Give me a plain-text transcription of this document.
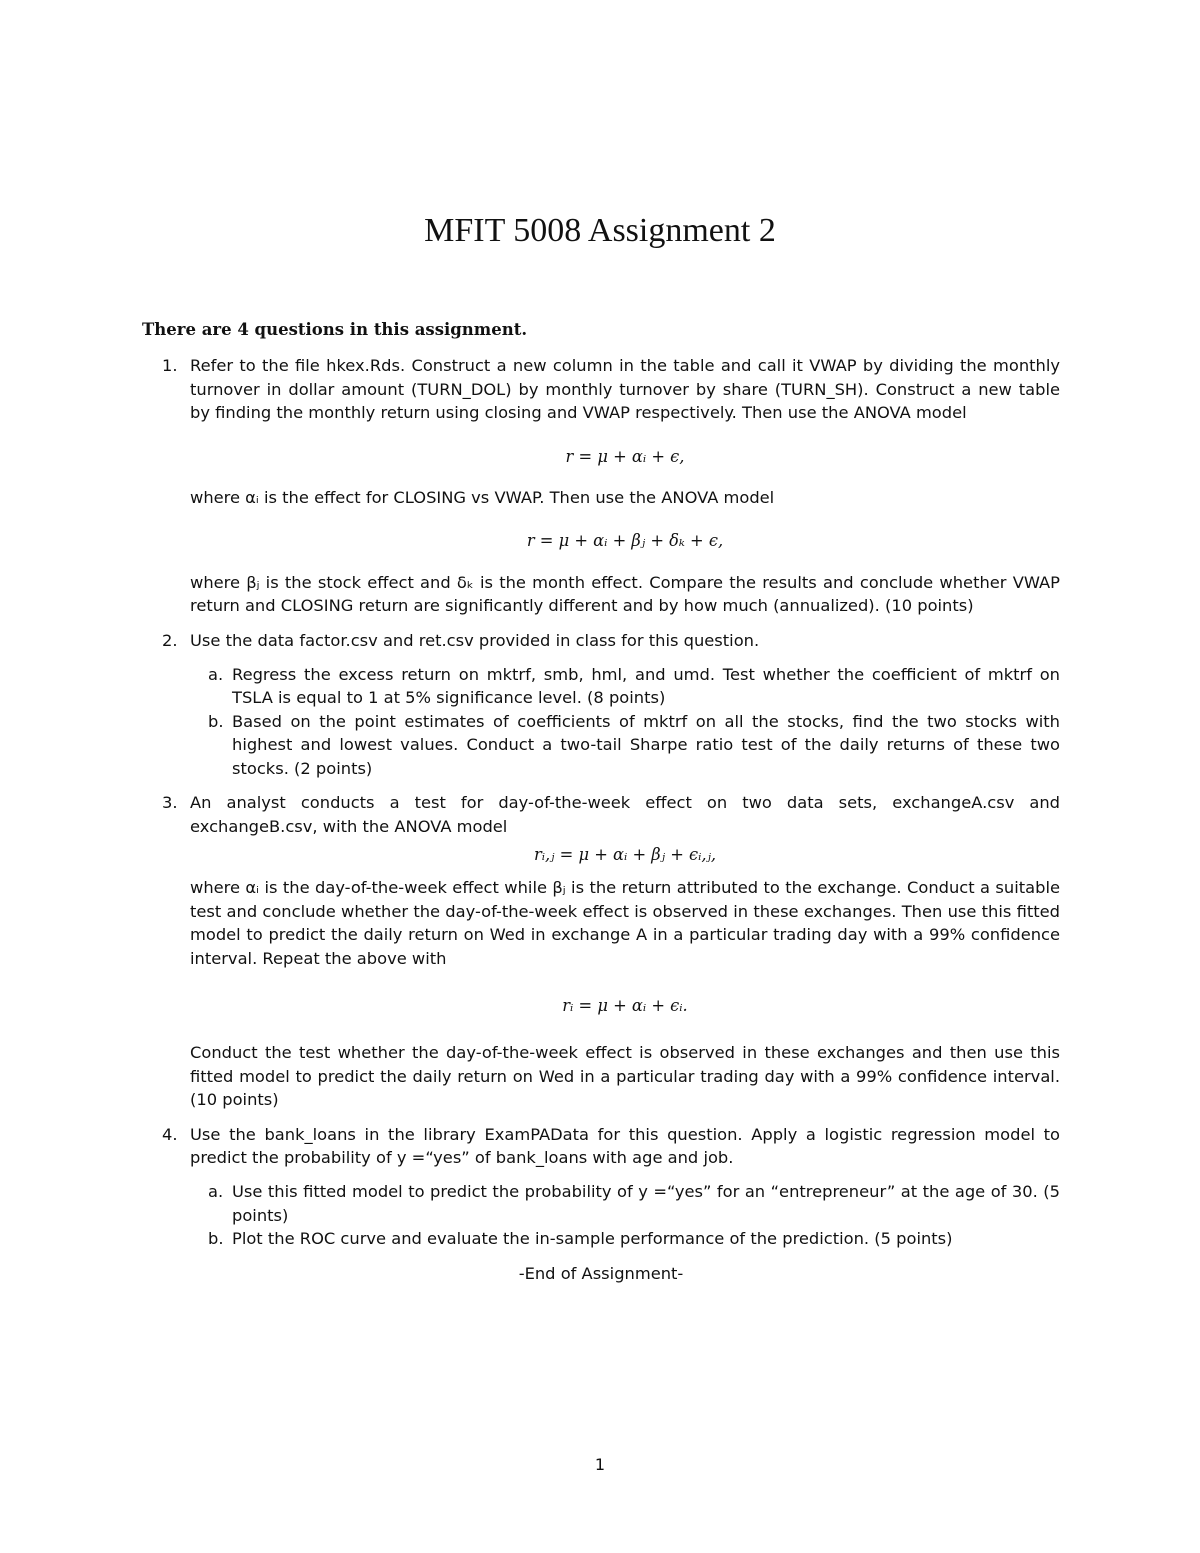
MFIT 5008 Assignment 2

There are 4 questions in this assignment.

1. Refer to the file hkex.Rds. Construct a new column in the table and call it VWAP by dividing the monthly turnover in dollar amount (TURN_DOL) by monthly turnover by share (TURN_SH). Construct a new table by finding the monthly return using closing and VWAP respectively. Then use the ANOVA model

r = μ + αᵢ + ϵ,

where αᵢ is the effect for CLOSING vs VWAP. Then use the ANOVA model

r = μ + αᵢ + βⱼ + δₖ + ϵ,

where βⱼ is the stock effect and δₖ is the month effect. Compare the results and conclude whether VWAP return and CLOSING return are significantly different and by how much (annualized). (10 points)

2. Use the data factor.csv and ret.csv provided in class for this question.

a. Regress the excess return on mktrf, smb, hml, and umd. Test whether the coefficient of mktrf on TSLA is equal to 1 at 5% significance level. (8 points)
b. Based on the point estimates of coefficients of mktrf on all the stocks, find the two stocks with highest and lowest values. Conduct a two-tail Sharpe ratio test of the daily returns of these two stocks. (2 points)
3. An analyst conducts a test for day-of-the-week effect on two data sets, exchangeA.csv and exchangeB.csv, with the ANOVA model

rᵢ,ⱼ = μ + αᵢ + βⱼ + ϵᵢ,ⱼ,

where αᵢ is the day-of-the-week effect while βⱼ is the return attributed to the exchange. Conduct a suitable test and conclude whether the day-of-the-week effect is observed in these exchanges. Then use this fitted model to predict the daily return on Wed in exchange A in a particular trading day with a 99% confidence interval. Repeat the above with

rᵢ = μ + αᵢ + ϵᵢ.

Conduct the test whether the day-of-the-week effect is observed in these exchanges and then use this fitted model to predict the daily return on Wed in a particular trading day with a 99% confidence interval. (10 points)

4. Use the bank_loans in the library ExamPAData for this question. Apply a logistic regression model to predict the probability of y =“yes” of bank_loans with age and job.

a. Use this fitted model to predict the probability of y =“yes” for an “entrepreneur” at the age of 30. (5 points)
b. Plot the ROC curve and evaluate the in-sample performance of the prediction. (5 points)
-End of Assignment-
1
